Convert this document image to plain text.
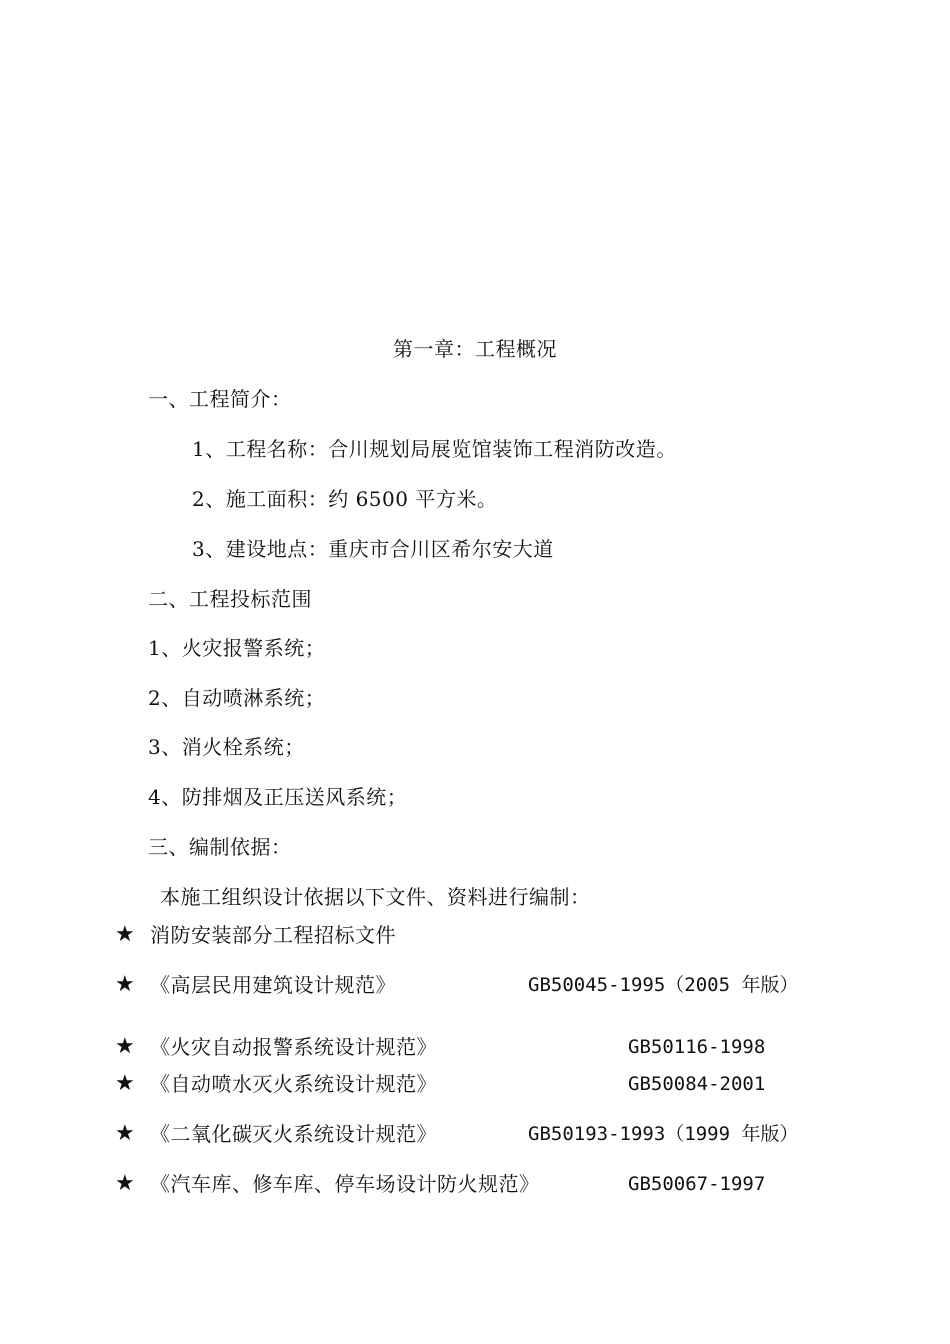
第一章：工程概况
一、工程简介：
1、工程名称：合川规划局展览馆装饰工程消防改造。
2、施工面积：约 6500 平方米。
3、建设地点：重庆市合川区希尔安大道
二、工程投标范围
1、火灾报警系统；
2、自动喷淋系统；
3、消火栓系统；
4、防排烟及正压送风系统；
三、编制依据：
本施工组织设计依据以下文件、资料进行编制：
★ 消防安装部分工程招标文件
★ 《高层民用建筑设计规范》	GB50045-1995（2005 年版）
★ 《火灾自动报警系统设计规范》	GB50116-1998
★ 《自动喷水灭火系统设计规范》	GB50084-2001
★ 《二氧化碳灭火系统设计规范》	GB50193-1993（1999 年版）
★ 《汽车库、修车库、停车场设计防火规范》	GB50067-1997
